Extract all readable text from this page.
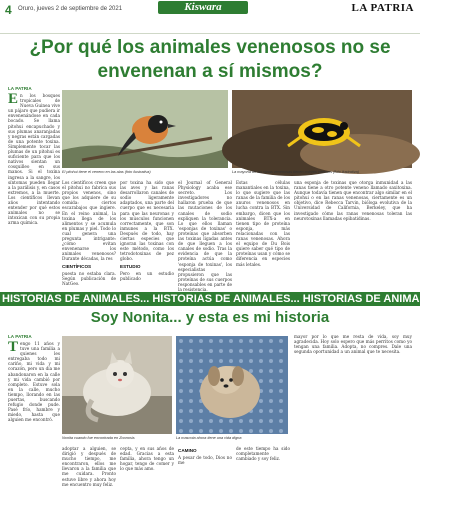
4 Oruro, jueves 2 de septiembre de 2021	Kiswara	LA PATRIA
¿Por qué los animales venenosos no se envenenan a sí mismos?
LA PATRIA
E n los bosques tropicales de Nueva Guinea vive un pájaro que pudiera ir envenenándose en cada bocado. Se llama pitohui encapuchado y sus plumas anaranjadas y negras están cargadas de una potente toxina. Simplemente tocar las plumas de un pitohui es suficiente para que los nativos sientan un cosquilleo en sus manos. Si el toxina ingresa a la sangre, los síntomas pueden llegar a la parálisis y, en casos extremos, a la muerte. Los científicos llevan años intentando entender por qué estos animales no se intoxican con su propia arma química.
El pitohui tiene el veneno en las alas (foto ilustrativa)	La mayoría de las ranas venenosas tienen colores intensos (foto ilustrativa)
Los científicos creen que el pitohui no fabrica sus propios venenos, sino que los adquiere de su comida: ciertos escarabajos que ingiere. En el reino animal, la toxina llega de los alimentos y se acumula en plumas y piel. Todo lo cual genera una pregunta intrigante: ¿cómo evitan envenenarse los animales venenosos? Durante décadas, la res
CIENTÍFICOS
puesta no estaba clara. Según publicación de NatGeo.
por toxina ha sido que las aves y las ranas desarrollaron canales de sodio ligeramente adaptados, una parte del cuerpo que es necesaria para que las neuronas y los músculos funcionen correctamente, que son inmunes a la BTX. Después de todo, hay ciertas especies que ignoran las toxinas con este método, como los tetrodotoxinas de pez globo.
ESTUDIO
Pero en un estudio publicado
el Journal of General Physiology acaba ese secreto. Los investigadores no hallaron prueba de que las mutaciones de los canales de sodio expliquen la tolerancia. Lo que ellos llaman 'esponjas de toxinas' o proteínas que absorben las toxinas ligadas antes de que lleguen a los canales de sodio. Tras la evidencia de que la proteína actúa como 'esponja de toxinas', los especialistas propusieron que las proteínas de sus cuerpos responsables en parte de la resistencia.
Estas células manantiales en la toxina, lo que sugiere que las ranas de la familia de los anuros venenosos en lucha contra la BTX. Sin embargo, dicen que los animales BTX-a en tienen tipo de proteína esponja, más relacionadas con las ranas venenosas. Ahora el equipo de Du Bois quiere saber qué tipo de proteínas usan y cómo se diferencia en especies más letales.
una esponja de toxinas que otorga inmunidad a las ranas tiene a otro potente veneno llamado saxitoxina. Aunque todavía tienen que encontrar algo similar en el pitohui o en las ranas venenosas, ciertamente es un objetivo, dice Rebecca Tarvin, bióloga evolutiva de la Universidad de California, Berkeley, que ha investigado cómo las ranas venenosas toleran las neurotoxinas llamadas epibatidinas.
HISTORIAS DE ANIMALES... HISTORIAS DE ANIMALES... HISTORIAS DE ANIMALES...
Soy Nonita... y esta es mi historia
LA PATRIA
T engo 11 años y tuve una familia a quienes les entregaba todo mi cariño, mi vida y mi corazón, pero un día me abandonaron en la calle y mi vida cambió por completo. Estuve sola en la calle, mucho tiempo, llorando en las puertas, buscando refugio donde pude. Pasé frío, hambre y miedo, hasta que alguien me encontró.
Nonita cuando fue encontrada en Zoonosis	La mascota ahora tiene una vida digna
adoptar a alguien, se dirigió y después de mucho tiempo, me encontraron, ellos me llevaron a la familia que me cuidara. Pronto estuve libre y ahora hoy me encuentro muy feliz.
cepta, y en sus años de edad. Gracias a esta familia, ahora tengo un hogar, tengo de comer y lo que más amo.
CAMINO
A pesar de todo, Dios no me
de este tiempo ha sido completamente cambiado y soy feliz.
mayor por lo que me resta de vida, soy muy agradecida. Hoy solo espero que más perritos como yo tengan una familia. Adopta, no compres. Dale una segunda oportunidad a un animal que te necesita.
